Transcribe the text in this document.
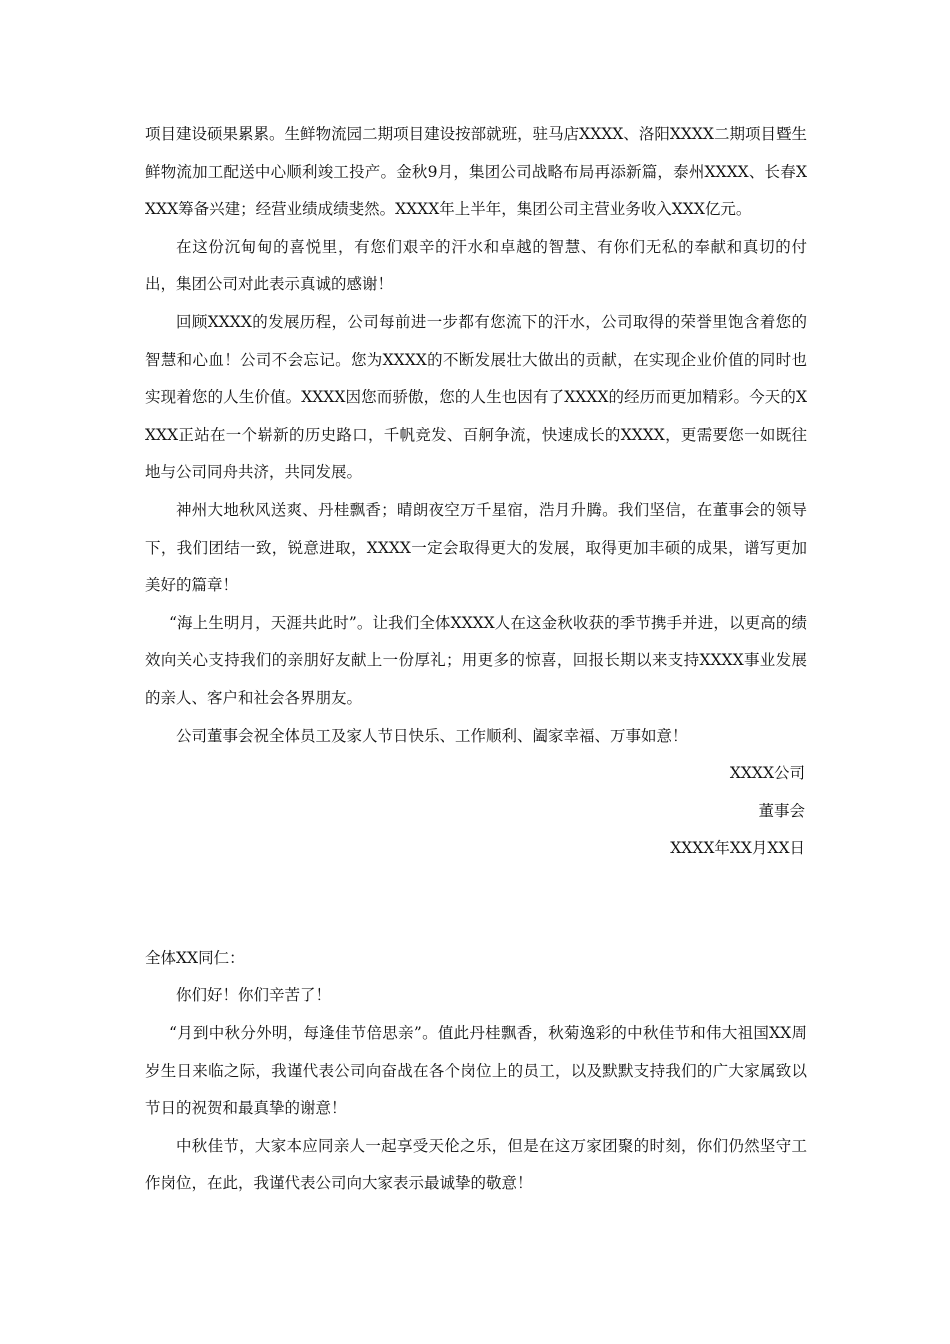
项目建设硕果累累。生鲜物流园二期项目建设按部就班，驻马店XXXX、洛阳XXXX二期项目暨生鲜物流加工配送中心顺利竣工投产。金秋9月，集团公司战略布局再添新篇，泰州XXXX、长春XXXX筹备兴建；经营业绩成绩斐然。XXXX年上半年，集团公司主营业务收入XXX亿元。

在这份沉甸甸的喜悦里，有您们艰辛的汗水和卓越的智慧、有你们无私的奉献和真切的付出，集团公司对此表示真诚的感谢！

回顾XXXX的发展历程，公司每前进一步都有您流下的汗水，公司取得的荣誉里饱含着您的智慧和心血！公司不会忘记。您为XXXX的不断发展壮大做出的贡献，在实现企业价值的同时也实现着您的人生价值。XXXX因您而骄傲，您的人生也因有了XXXX的经历而更加精彩。今天的XXXX正站在一个崭新的历史路口，千帆竞发、百舸争流，快速成长的XXXX，更需要您一如既往地与公司同舟共济，共同发展。

神州大地秋风送爽、丹桂飘香；晴朗夜空万千星宿，浩月升腾。我们坚信，在董事会的领导下，我们团结一致，锐意进取，XXXX一定会取得更大的发展，取得更加丰硕的成果，谱写更加美好的篇章！

“海上生明月，天涯共此时”。让我们全体XXXX人在这金秋收获的季节携手并进，以更高的绩效向关心支持我们的亲朋好友献上一份厚礼；用更多的惊喜，回报长期以来支持XXXX事业发展的亲人、客户和社会各界朋友。

公司董事会祝全体员工及家人节日快乐、工作顺利、阖家幸福、万事如意！

XXXX公司

董事会

XXXX年XX月XX日

全体XX同仁：

你们好！你们辛苦了！

“月到中秋分外明，每逢佳节倍思亲”。值此丹桂飘香，秋菊逸彩的中秋佳节和伟大祖国XX周岁生日来临之际，我谨代表公司向奋战在各个岗位上的员工，以及默默支持我们的广大家属致以节日的祝贺和最真挚的谢意！

中秋佳节，大家本应同亲人一起享受天伦之乐，但是在这万家团聚的时刻，你们仍然坚守工作岗位，在此，我谨代表公司向大家表示最诚挚的敬意！
